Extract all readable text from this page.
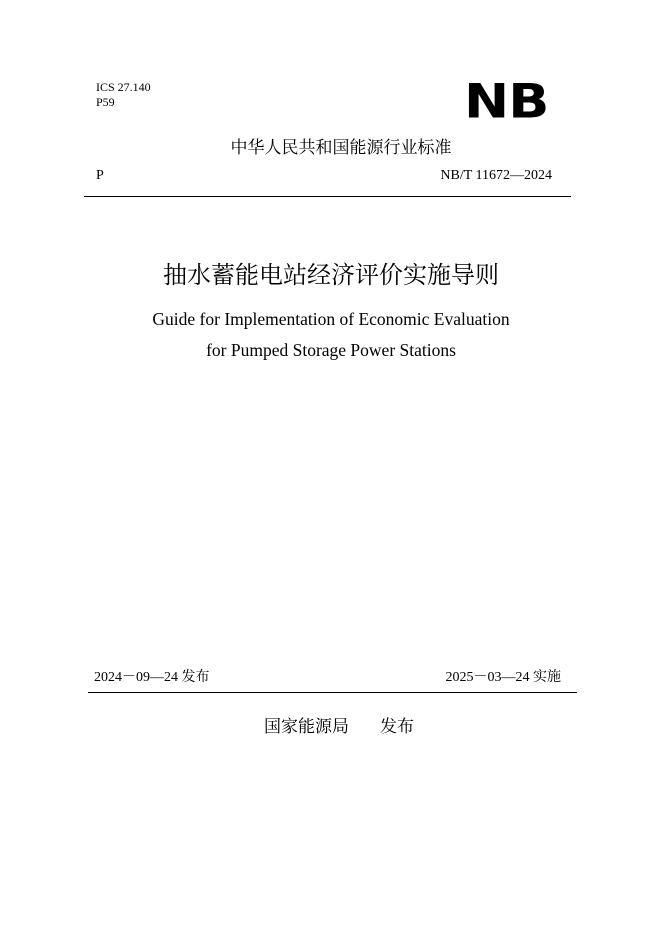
ICS 27.140
P59	NB
中华人民共和国能源行业标准
P	NB/T 11672—2024
抽水蓄能电站经济评价实施导则
Guide for Implementation of Economic Evaluation
for Pumped Storage Power Stations
2024－09—24 发布	2025－03—24 实施
国家能源局 发布
